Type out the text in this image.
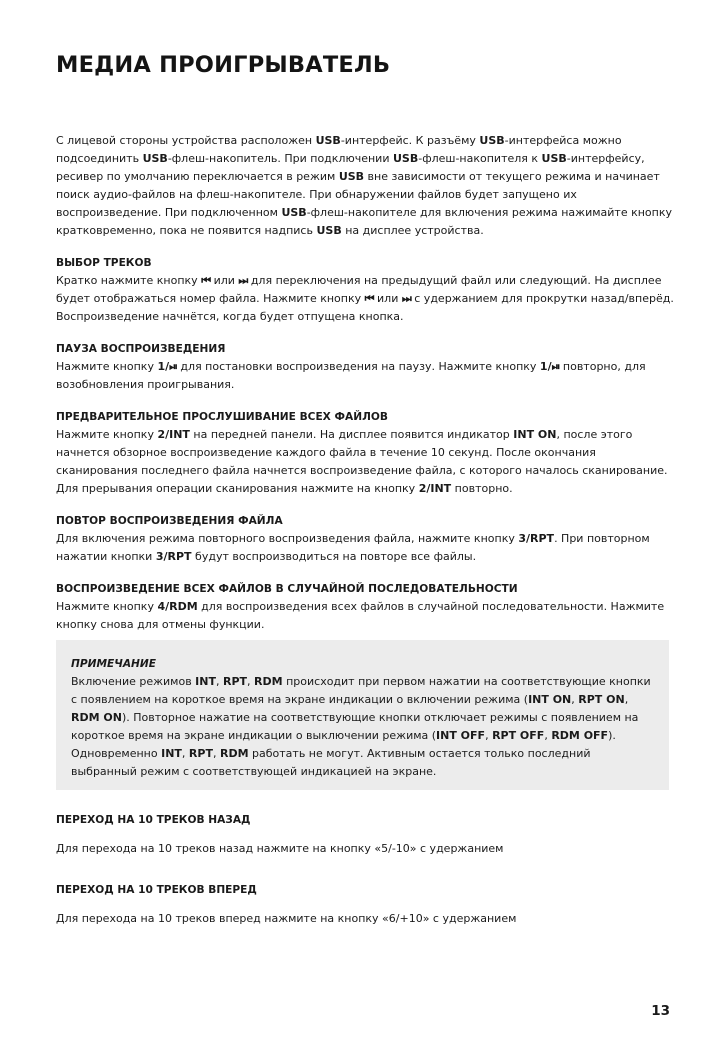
МЕДИА ПРОИГРЫВАТЕЛЬ

С лицевой стороны устройства расположен USB-интерфейс. К разъёму USB-интерфейса можно подсоединить USB-флеш-накопитель. При подключении USB-флеш-накопителя к USB-интерфейсу, ресивер по умолчанию переключается в режим USB вне зависимости от текущего режима и начинает поиск аудио-файлов на флеш-накопителе. При обнаружении файлов будет запущено их воспроизведение. При подключенном USB-флеш-накопителе для включения режима нажимайте кнопку кратковременно, пока не появится надпись USB на дисплее устройства.

ВЫБОР ТРЕКОВ

Кратко нажмите кнопку ⏮ или ⏭ для переключения на предыдущий файл или следующий. На дисплее будет отображаться номер файла. Нажмите кнопку ⏮ или ⏭ с удержанием для прокрутки назад/вперёд. Воспроизведение начнётся, когда будет отпущена кнопка.

ПАУЗА ВОСПРОИЗВЕДЕНИЯ

Нажмите кнопку 1/⏯ для постановки воспроизведения на паузу. Нажмите кнопку 1/⏯ повторно, для возобновления проигрывания.

ПРЕДВАРИТЕЛЬНОЕ ПРОСЛУШИВАНИЕ ВСЕХ ФАЙЛОВ

Нажмите кнопку 2/INT на передней панели. На дисплее появится индикатор INT ON, после этого начнется обзорное воспроизведение каждого файла в течение 10 секунд. После окончания сканирования последнего файла начнется воспроизведение файла, с которого началось сканирование. Для прерывания операции сканирования нажмите на кнопку 2/INT повторно.

ПОВТОР ВОСПРОИЗВЕДЕНИЯ ФАЙЛА

Для включения режима повторного воспроизведения файла, нажмите кнопку 3/RPT. При повторном нажатии кнопки 3/RPT будут воспроизводиться на повторе все файлы.

ВОСПРОИЗВЕДЕНИЕ ВСЕХ ФАЙЛОВ В СЛУЧАЙНОЙ ПОСЛЕДОВАТЕЛЬНОСТИ

Нажмите кнопку 4/RDM для воспроизведения всех файлов в случайной последовательности. Нажмите кнопку снова для отмены функции.

ПРИМЕЧАНИЕ

Включение режимов INT, RPT, RDM происходит при первом нажатии на соответствующие кнопки с появлением на короткое время на экране индикации о включении режима (INT ON, RPT ON, RDM ON). Повторное нажатие на соответствующие кнопки отключает режимы с появлением на короткое время на экране индикации о выключении режима (INT OFF, RPT OFF, RDM OFF). Одновременно INT, RPT, RDM работать не могут. Активным остается только последний выбранный режим с соответствующей индикацией на экране.

ПЕРЕХОД НА 10 ТРЕКОВ НАЗАД

Для перехода на 10 треков назад нажмите на кнопку «5/-10» с удержанием

ПЕРЕХОД НА 10 ТРЕКОВ ВПЕРЕД

Для перехода на 10 треков вперед нажмите на кнопку «6/+10» с удержанием

13
